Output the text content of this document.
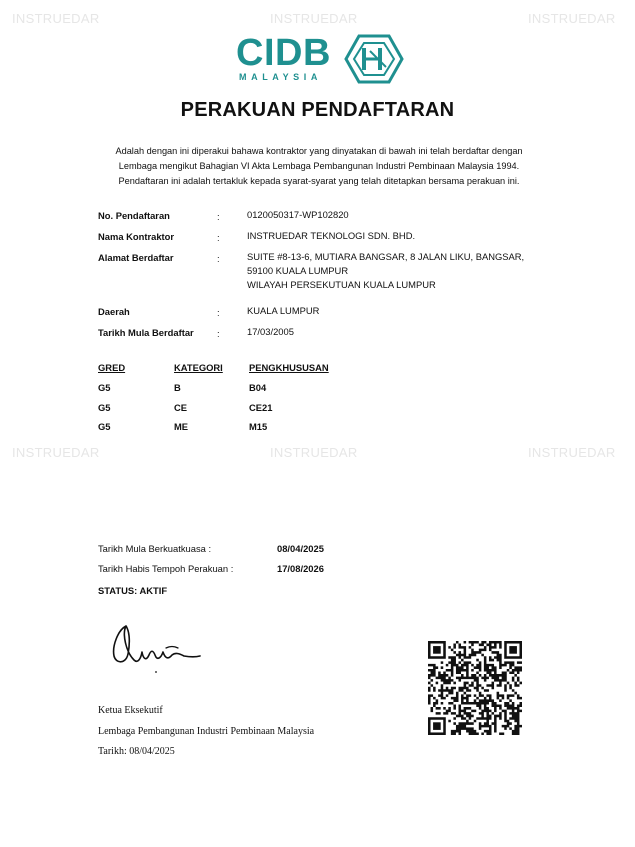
INSTRUEDAR	INSTRUEDAR	INSTRUEDAR
INSTRUEDAR	INSTRUEDAR	INSTRUEDAR
CIDB
MALAYSIA
PERAKUAN PENDAFTARAN
Adalah dengan ini diperakui bahawa kontraktor yang dinyatakan di bawah ini telah berdaftar dengan
Lembaga mengikut Bahagian VI Akta Lembaga Pembangunan Industri Pembinaan Malaysia 1994.
Pendaftaran ini adalah tertakluk kepada syarat-syarat yang telah ditetapkan bersama perakuan ini.
No. Pendaftaran	:	0120050317-WP102820
Nama Kontraktor	:	INSTRUEDAR TEKNOLOGI SDN. BHD.
Alamat Berdaftar	:	SUITE #8-13-6, MUTIARA BANGSAR, 8 JALAN LIKU, BANGSAR,
59100 KUALA LUMPUR
WILAYAH PERSEKUTUAN KUALA LUMPUR
Daerah	:	KUALA LUMPUR
Tarikh Mula Berdaftar :	17/03/2005
GRED	KATEGORI	PENGKHUSUSAN
G5	B	B04
G5	CE	CE21
G5	ME	M15
Tarikh Mula Berkuatkuasa :	08/04/2025
Tarikh Habis Tempoh Perakuan :	17/08/2026
STATUS: AKTIF
Ketua Eksekutif
Lembaga Pembangunan Industri Pembinaan Malaysia
Tarikh: 08/04/2025
